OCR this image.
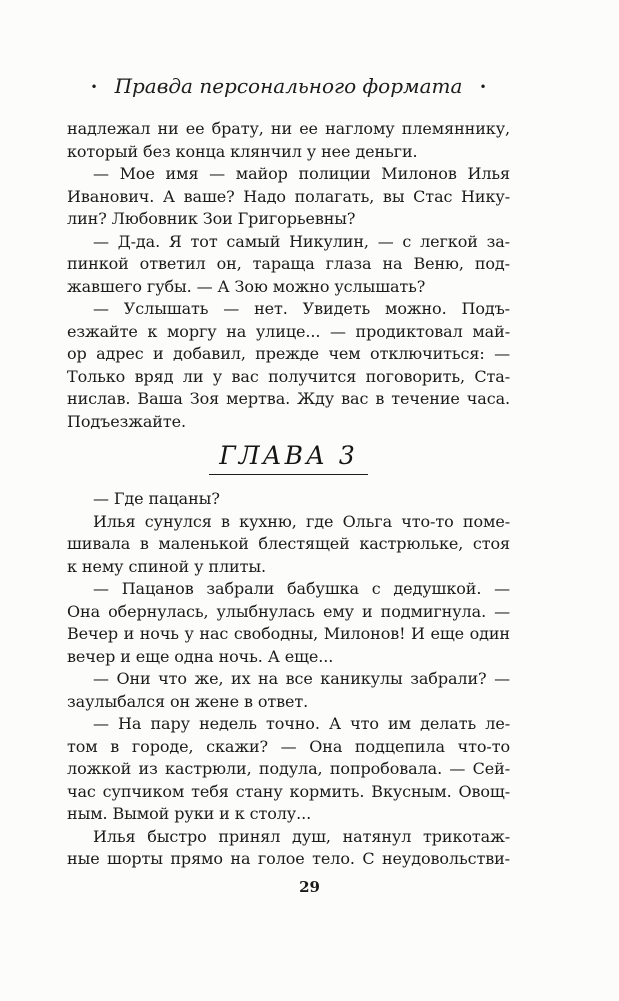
• Правда персонального формата •
надлежал ни ее брату, ни ее наглому племяннику,
который без конца клянчил у нее деньги.
— Мое имя — майор полиции Милонов Илья
Иванович. А ваше? Надо полагать, вы Стас Нику-
лин? Любовник Зои Григорьевны?
— Д-да. Я тот самый Никулин, — с легкой за-
пинкой ответил он, тараща глаза на Веню, под-
жавшего губы. — А Зою можно услышать?
— Услышать — нет. Увидеть можно. Подъ-
езжайте к моргу на улице... — продиктовал май-
ор адрес и добавил, прежде чем отключиться: —
Только вряд ли у вас получится поговорить, Ста-
нислав. Ваша Зоя мертва. Жду вас в течение часа.
Подъезжайте.
ГЛАВА 3
— Где пацаны?
Илья сунулся в кухню, где Ольга что-то поме-
шивала в маленькой блестящей кастрюльке, стоя
к нему спиной у плиты.
— Пацанов забрали бабушка с дедушкой. —
Она обернулась, улыбнулась ему и подмигнула. —
Вечер и ночь у нас свободны, Милонов! И еще один
вечер и еще одна ночь. А еще...
— Они что же, их на все каникулы забрали? —
заулыбался он жене в ответ.
— На пару недель точно. А что им делать ле-
том в городе, скажи? — Она подцепила что-то
ложкой из кастрюли, подула, попробовала. — Сей-
час супчиком тебя стану кормить. Вкусным. Овощ-
ным. Вымой руки и к столу...
Илья быстро принял душ, натянул трикотаж-
ные шорты прямо на голое тело. С неудовольстви-
29
